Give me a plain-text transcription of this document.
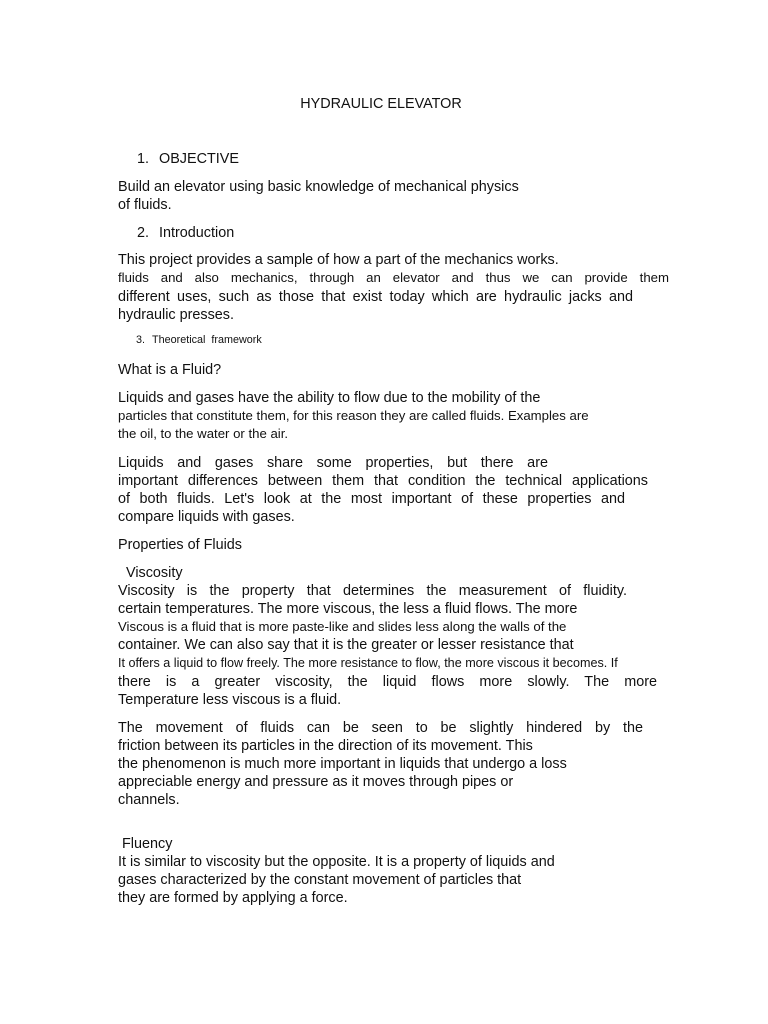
HYDRAULIC ELEVATOR
1. OBJECTIVE
Build an elevator using basic knowledge of mechanical physics
of fluids.
2. Introduction
This project provides a sample of how a part of the mechanics works.
fluids and also mechanics, through an elevator and thus we can provide them
different uses, such as those that exist today which are hydraulic jacks and
hydraulic presses.
3. Theoretical  framework
What is a Fluid?
Liquids and gases have the ability to flow due to the mobility of the
particles that constitute them, for this reason they are called fluids. Examples are
the oil, to the water or the air.
Liquids and gases share some properties, but there are
important differences between them that condition the technical applications
of both fluids. Let's look at the most important of these properties and
compare liquids with gases.
Properties of Fluids
Viscosity
Viscosity is the property that determines the measurement of fluidity.
certain temperatures. The more viscous, the less a fluid flows. The more
Viscous is a fluid that is more paste-like and slides less along the walls of the
container. We can also say that it is the greater or lesser resistance that
It offers a liquid to flow freely. The more resistance to flow, the more viscous it becomes. If
there is a greater viscosity, the liquid flows more slowly. The more
Temperature less viscous is a fluid.
The movement of fluids can be seen to be slightly hindered by the
friction between its particles in the direction of its movement. This
the phenomenon is much more important in liquids that undergo a loss
appreciable energy and pressure as it moves through pipes or
channels.
Fluency
It is similar to viscosity but the opposite. It is a property of liquids and
gases characterized by the constant movement of particles that
they are formed by applying a force.
